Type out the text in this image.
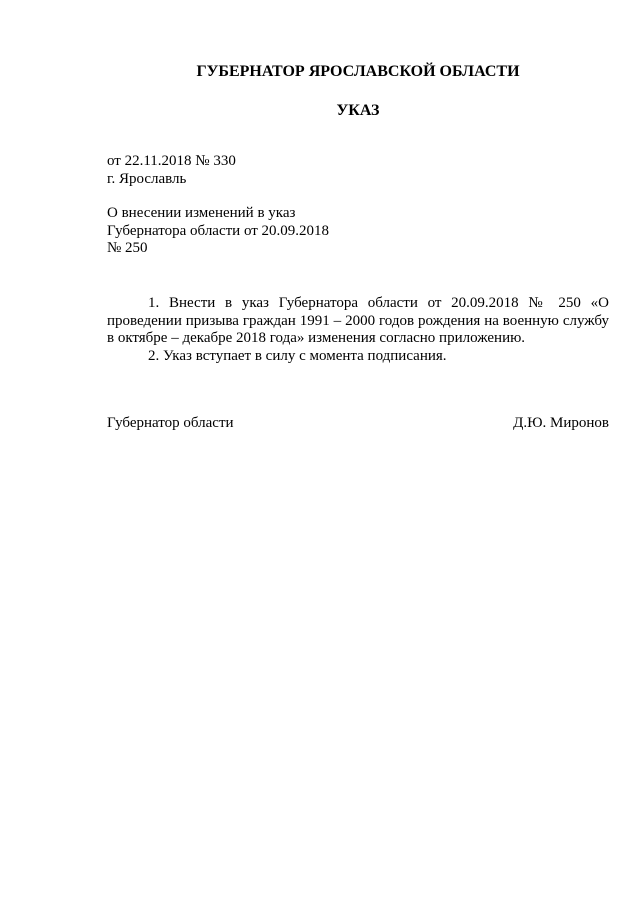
ГУБЕРНАТОР ЯРОСЛАВСКОЙ ОБЛАСТИ
УКАЗ
от 22.11.2018 № 330
г. Ярославль
О внесении изменений в указ
Губернатора области от 20.09.2018
№ 250

1. Внести в указ Губернатора области от 20.09.2018 № 250 «О проведении призыва граждан 1991 – 2000 годов рождения на военную службу в октябре – декабре 2018 года» изменения согласно приложению.

2. Указ вступает в силу с момента подписания.

Губернатор области	Д.Ю. Миронов
